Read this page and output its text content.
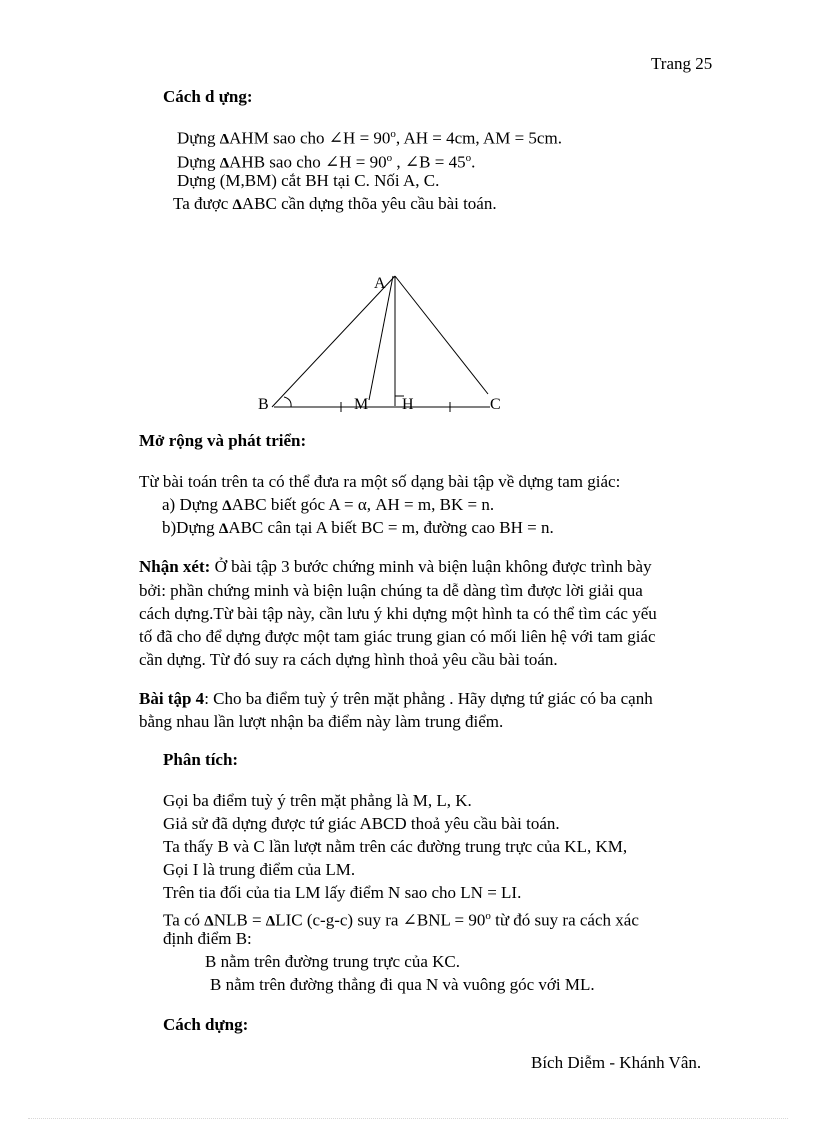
Trang 25
Cách d ựng:
Dựng ΔAHM sao cho ∠H = $90^o$, AH = 4cm, AM = 5cm.
Dựng ΔAHB sao cho ∠H = $90^o$ , ∠B = $45^o$.
Dựng (M,BM) cắt BH tại C. Nối A, C.
Ta được ΔABC cần dựng thõa yêu cầu bài toán.
A
B	M H	C
Mở rộng và phát triển:
Từ bài toán trên ta có thể đưa ra một số dạng bài tập về dựng tam giác:
a) Dựng ΔABC biết góc A = α, AH = m, BK = n.
b)Dựng ΔABC cân tại A biết BC = m, đường cao BH = n.
Nhận xét: Ở bài tập 3 bước chứng minh và biện luận không được trình bày
bởi: phần chứng minh và biện luận chúng ta dễ dàng tìm được lời giải qua
cách dựng.Từ bài tập này, cần lưu ý khi dựng một hình ta có thể tìm các yếu
tố đã cho để dựng được một tam giác trung gian có mối liên hệ với tam giác
cần dựng. Từ đó suy ra cách dựng hình thoả yêu cầu bài toán.
Bài tập 4: Cho ba điểm tuỳ ý trên mặt phẳng . Hãy dựng tứ giác có ba cạnh
bằng nhau lần lượt nhận ba điểm này làm trung điểm.
Phân tích:
Gọi ba điểm tuỳ ý trên mặt phẳng là M, L, K.
Giả sử đã dựng được tứ giác ABCD thoả yêu cầu bài toán.
Ta thấy B và C lần lượt nằm trên các đường trung trực của KL, KM,
Gọi I là trung điểm của LM.
Trên tia đối của tia LM lấy điểm N sao cho LN = LI.
Ta có ΔNLB = ΔLIC (c-g-c) suy ra ∠BNL = $90^o$ từ đó suy ra cách xác
định điểm B:
B nằm trên đường trung trực của KC.
B nằm trên đường thẳng đi qua N và vuông góc với ML.
Cách dựng:
Bích Diễm - Khánh Vân.
